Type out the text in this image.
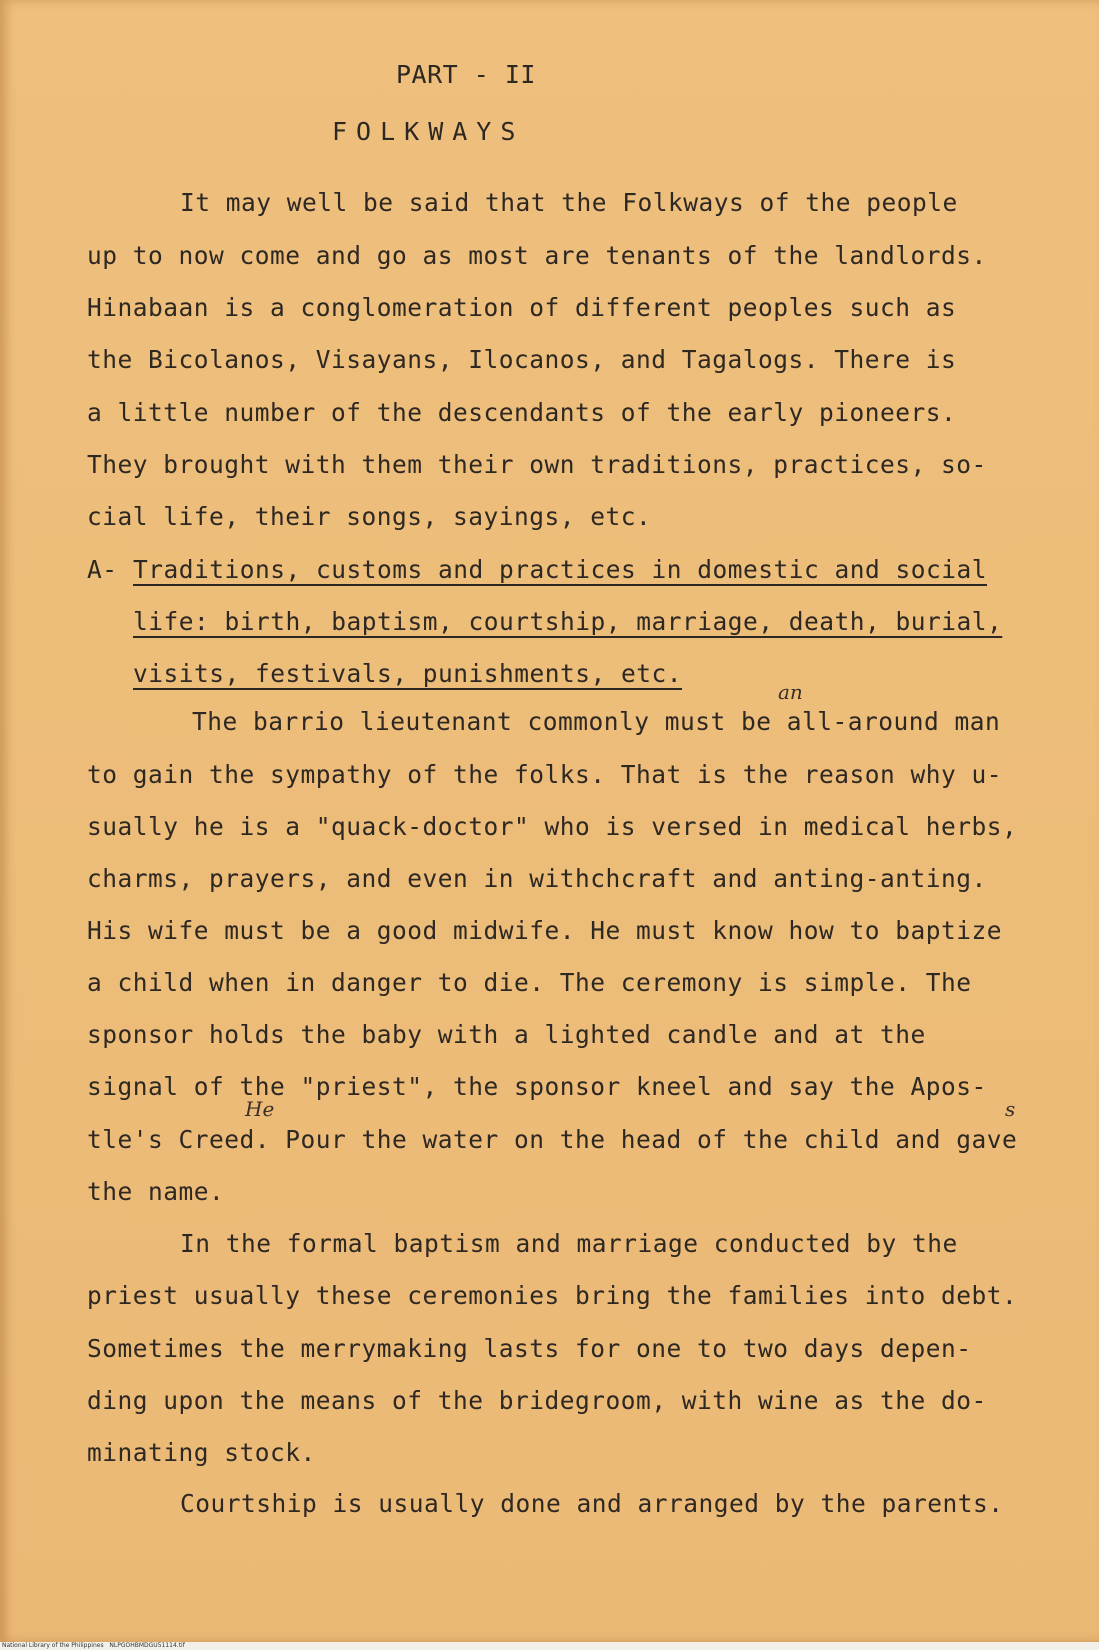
PART - II
FOLKWAYS
It may well be said that the Folkways of the people
up to now come and go as most are tenants of the landlords.
Hinabaan is a conglomeration of different peoples such as
the Bicolanos, Visayans, Ilocanos, and Tagalogs. There is
a little number of the descendants of the early pioneers.
They brought with them their own traditions, practices, so-
cial life, their songs, sayings, etc.
A- Traditions, customs and practices in domestic and social
life: birth, baptism, courtship, marriage, death, burial,
visits, festivals, punishments, etc.
The barrio lieutenant commonly must be all-around man
an
to gain the sympathy of the folks. That is the reason why u-
sually he is a "quack-doctor" who is versed in medical herbs,
charms, prayers, and even in withchcraft and anting-anting.
His wife must be a good midwife. He must know how to baptize
a child when in danger to die. The ceremony is simple. The
sponsor holds the baby with a lighted candle and at the
signal of the "priest", the sponsor kneel and say the Apos-
tle's Creed. Pour the water on the head of the child and gave
He	s
the name.
In the formal baptism and marriage conducted by the
priest usually these ceremonies bring the families into debt.
Sometimes the merrymaking lasts for one to two days depen-
ding upon the means of the bridegroom, with wine as the do-
minating stock.
Courtship is usually done and arranged by the parents.
National Library of the Philippines NLPGOHBMDGU51114.tif
